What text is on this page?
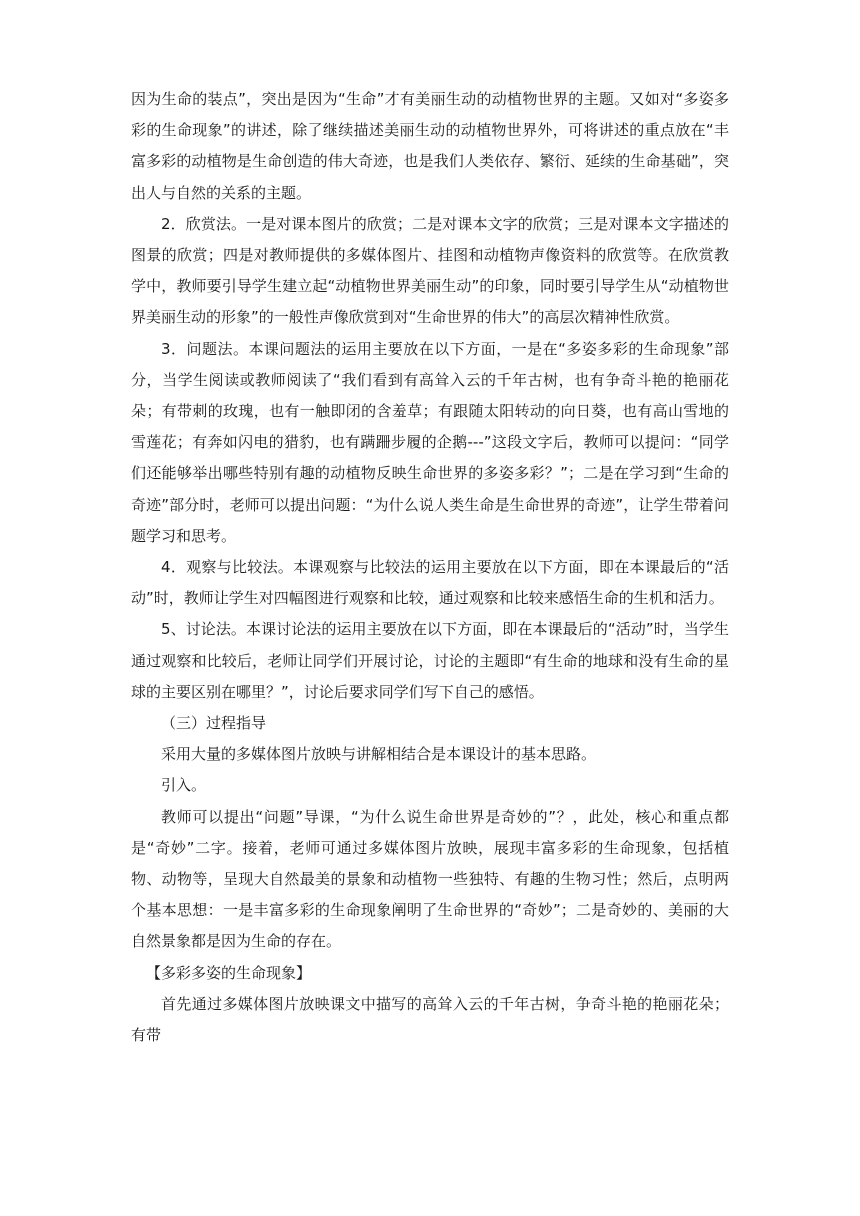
因为生命的装点”，突出是因为“生命”才有美丽生动的动植物世界的主题。又如对“多姿多彩的生命现象”的讲述，除了继续描述美丽生动的动植物世界外，可将讲述的重点放在“丰富多彩的动植物是生命创造的伟大奇迹，也是我们人类依存、繁衍、延续的生命基础”，突出人与自然的关系的主题。

2．欣赏法。一是对课本图片的欣赏；二是对课本文字的欣赏；三是对课本文字描述的图景的欣赏；四是对教师提供的多媒体图片、挂图和动植物声像资料的欣赏等。在欣赏教学中，教师要引导学生建立起“动植物世界美丽生动”的印象，同时要引导学生从“动植物世界美丽生动的形象”的一般性声像欣赏到对“生命世界的伟大”的高层次精神性欣赏。

3．问题法。本课问题法的运用主要放在以下方面，一是在“多姿多彩的生命现象”部分，当学生阅读或教师阅读了“我们看到有高耸入云的千年古树，也有争奇斗艳的艳丽花朵；有带刺的玫瑰，也有一触即闭的含羞草；有跟随太阳转动的向日葵，也有高山雪地的雪莲花；有奔如闪电的猎豹，也有蹒跚步履的企鹅---”这段文字后，教师可以提问：“同学们还能够举出哪些特别有趣的动植物反映生命世界的多姿多彩？”；二是在学习到“生命的奇迹”部分时，老师可以提出问题：“为什么说人类生命是生命世界的奇迹”，让学生带着问题学习和思考。

4．观察与比较法。本课观察与比较法的运用主要放在以下方面，即在本课最后的“活动”时，教师让学生对四幅图进行观察和比较，通过观察和比较来感悟生命的生机和活力。

5、讨论法。本课讨论法的运用主要放在以下方面，即在本课最后的“活动”时，当学生通过观察和比较后，老师让同学们开展讨论，讨论的主题即“有生命的地球和没有生命的星球的主要区别在哪里？”，讨论后要求同学们写下自己的感悟。

（三）过程指导

采用大量的多媒体图片放映与讲解相结合是本课设计的基本思路。

引入。

教师可以提出“问题”导课，“为什么说生命世界是奇妙的”？，此处，核心和重点都是“奇妙”二字。接着，老师可通过多媒体图片放映，展现丰富多彩的生命现象，包括植物、动物等，呈现大自然最美的景象和动植物一些独特、有趣的生物习性；然后，点明两个基本思想：一是丰富多彩的生命现象阐明了生命世界的“奇妙”；二是奇妙的、美丽的大自然景象都是因为生命的存在。

【多彩多姿的生命现象】

首先通过多媒体图片放映课文中描写的高耸入云的千年古树，争奇斗艳的艳丽花朵；有带
